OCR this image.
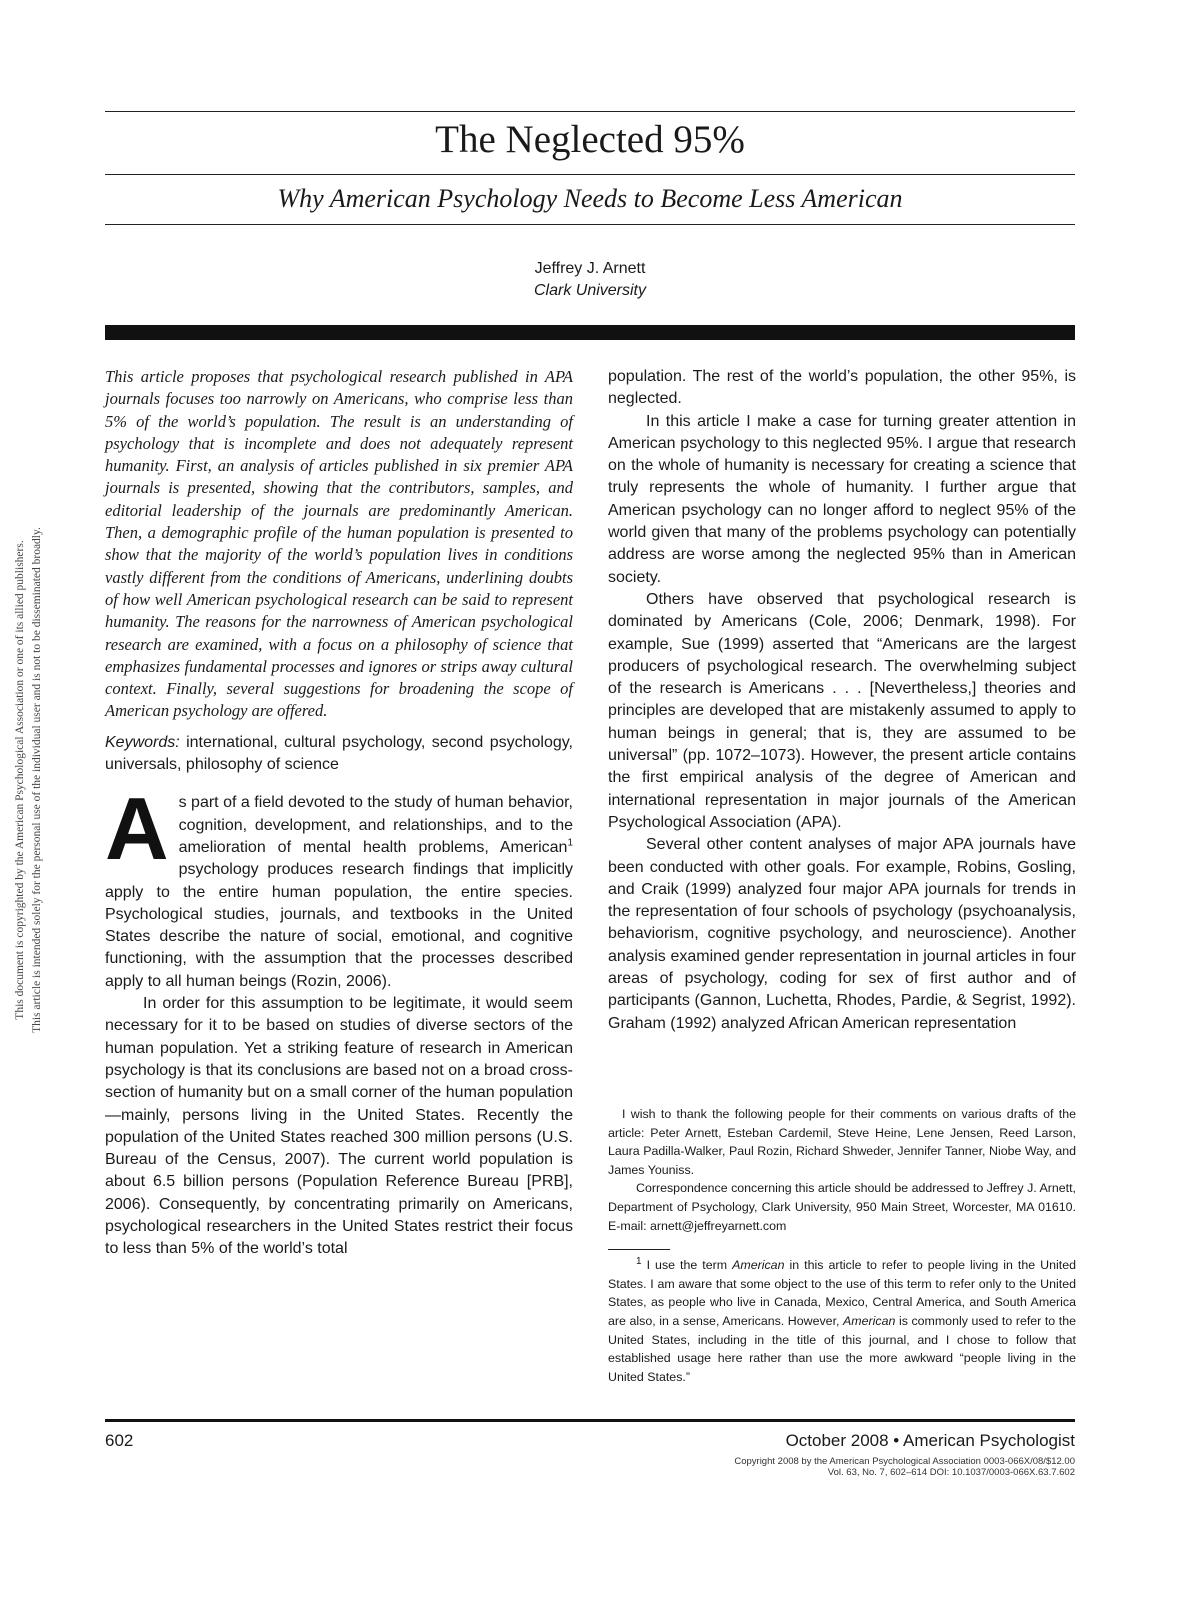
The Neglected 95%
Why American Psychology Needs to Become Less American
Jeffrey J. Arnett
Clark University

This article proposes that psychological research published in APA journals focuses too narrowly on Americans, who comprise less than 5% of the world’s population. The result is an understanding of psychology that is incomplete and does not adequately represent humanity. First, an analysis of articles published in six premier APA journals is presented, showing that the contributors, samples, and editorial leadership of the journals are predominantly American. Then, a demographic profile of the human population is presented to show that the majority of the world’s population lives in conditions vastly different from the conditions of Americans, underlining doubts of how well American psychological research can be said to represent humanity. The reasons for the narrowness of American psychological research are examined, with a focus on a philosophy of science that emphasizes fundamental processes and ignores or strips away cultural context. Finally, several suggestions for broadening the scope of American psychology are offered.

Keywords: international, cultural psychology, second psychology, universals, philosophy of science

As part of a field devoted to the study of human behavior, cognition, development, and relationships, and to the amelioration of mental health problems, American$^1$ psychology produces research findings that implicitly apply to the entire human population, the entire species. Psychological studies, journals, and textbooks in the United States describe the nature of social, emotional, and cognitive functioning, with the assumption that the processes described apply to all human beings (Rozin, 2006).

In order for this assumption to be legitimate, it would seem necessary for it to be based on studies of diverse sectors of the human population. Yet a striking feature of research in American psychology is that its conclusions are based not on a broad cross-section of humanity but on a small corner of the human population—mainly, persons living in the United States. Recently the population of the United States reached 300 million persons (U.S. Bureau of the Census, 2007). The current world population is about 6.5 billion persons (Population Reference Bureau [PRB], 2006). Consequently, by concentrating primarily on Americans, psychological researchers in the United States restrict their focus to less than 5% of the world’s total

population. The rest of the world’s population, the other 95%, is neglected.

In this article I make a case for turning greater attention in American psychology to this neglected 95%. I argue that research on the whole of humanity is necessary for creating a science that truly represents the whole of humanity. I further argue that American psychology can no longer afford to neglect 95% of the world given that many of the problems psychology can potentially address are worse among the neglected 95% than in American society.

Others have observed that psychological research is dominated by Americans (Cole, 2006; Denmark, 1998). For example, Sue (1999) asserted that “Americans are the largest producers of psychological research. The overwhelming subject of the research is Americans . . . [Nevertheless,] theories and principles are developed that are mistakenly assumed to apply to human beings in general; that is, they are assumed to be universal” (pp. 1072–1073). However, the present article contains the first empirical analysis of the degree of American and international representation in major journals of the American Psychological Association (APA).

Several other content analyses of major APA journals have been conducted with other goals. For example, Robins, Gosling, and Craik (1999) analyzed four major APA journals for trends in the representation of four schools of psychology (psychoanalysis, behaviorism, cognitive psychology, and neuroscience). Another analysis examined gender representation in journal articles in four areas of psychology, coding for sex of first author and of participants (Gannon, Luchetta, Rhodes, Pardie, & Segrist, 1992). Graham (1992) analyzed African American representation

I wish to thank the following people for their comments on various drafts of the article: Peter Arnett, Esteban Cardemil, Steve Heine, Lene Jensen, Reed Larson, Laura Padilla-Walker, Paul Rozin, Richard Shweder, Jennifer Tanner, Niobe Way, and James Youniss.

Correspondence concerning this article should be addressed to Jeffrey J. Arnett, Department of Psychology, Clark University, 950 Main Street, Worcester, MA 01610. E-mail: arnett@jeffreyarnett.com

$^1$ I use the term American in this article to refer to people living in the United States. I am aware that some object to the use of this term to refer only to the United States, as people who live in Canada, Mexico, Central America, and South America are also, in a sense, Americans. However, American is commonly used to refer to the United States, including in the title of this journal, and I chose to follow that established usage here rather than use the more awkward “people living in the United States.”

602	October 2008 • American Psychologist
Copyright 2008 by the American Psychological Association 0003-066X/08/$12.00
Vol. 63, No. 7, 602–614 DOI: 10.1037/0003-066X.63.7.602
This document is copyrighted by the American Psychological Association or one of its allied publishers. This article is intended solely for the personal use of the individual user and is not to be disseminated broadly.
